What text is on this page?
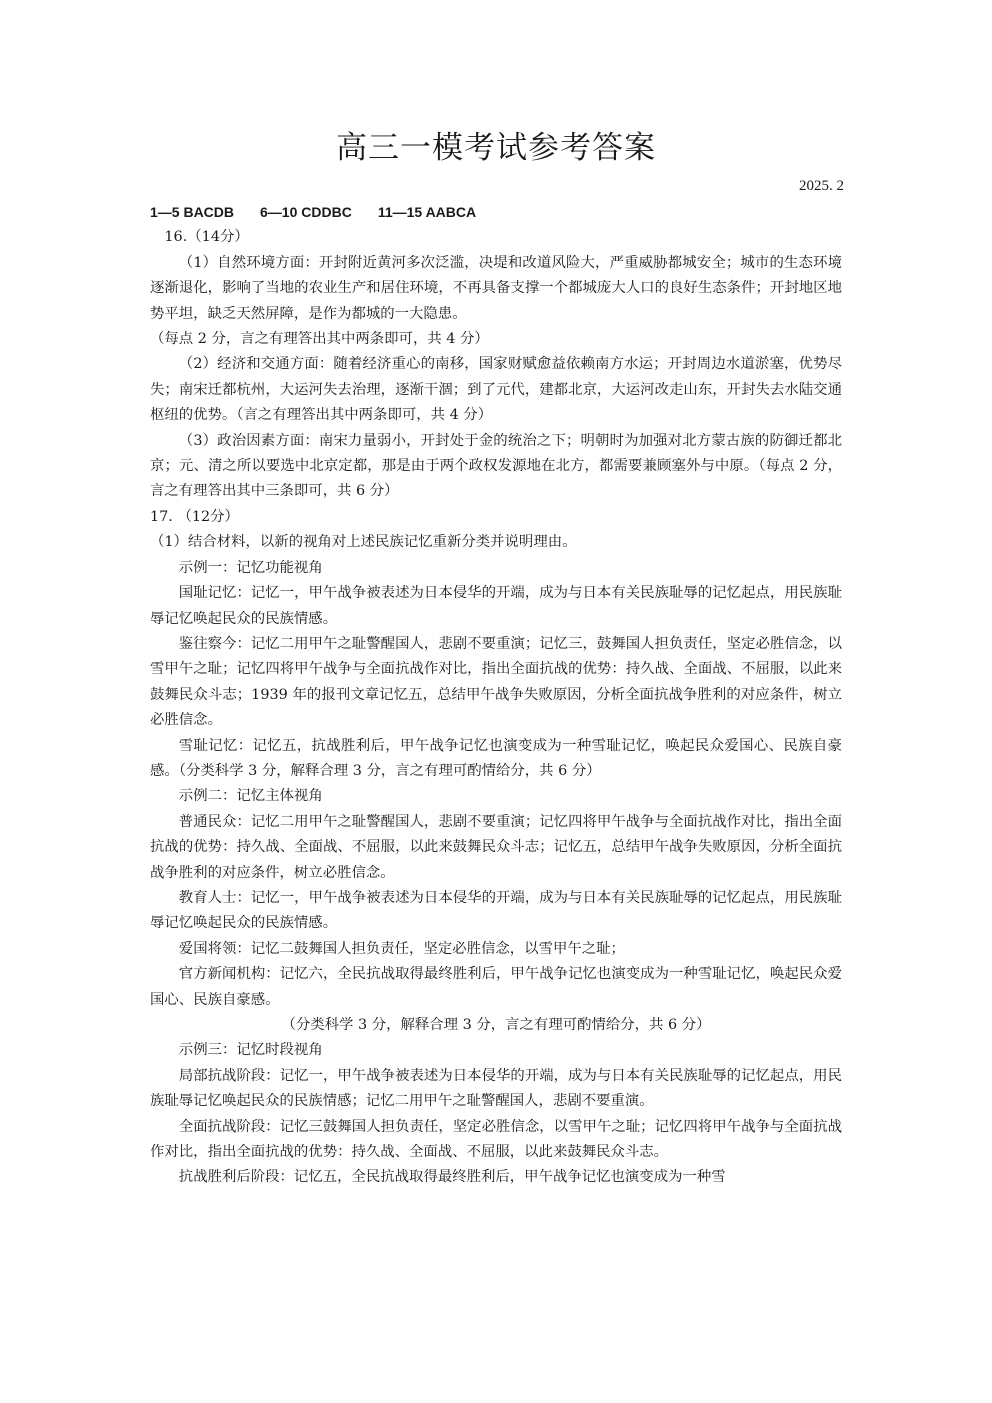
高三一模考试参考答案
2025. 2

1—5 BACDB 6—10 CDDBC 11—15 AABCA

16.（14分）

（1）自然环境方面：开封附近黄河多次泛滥，决堤和改道风险大，严重威胁都城安全；城市的生态环境逐渐退化，影响了当地的农业生产和居住环境，不再具备支撑一个都城庞大人口的良好生态条件；开封地区地势平坦，缺乏天然屏障，是作为都城的一大隐患。

（每点 2 分，言之有理答出其中两条即可，共 4 分）

（2）经济和交通方面：随着经济重心的南移，国家财赋愈益依赖南方水运；开封周边水道淤塞，优势尽失；南宋迁都杭州，大运河失去治理，逐渐干涸；到了元代，建都北京，大运河改走山东，开封失去水陆交通枢纽的优势。（言之有理答出其中两条即可，共 4 分）

（3）政治因素方面：南宋力量弱小，开封处于金的统治之下；明朝时为加强对北方蒙古族的防御迁都北京；元、清之所以要选中北京定都，那是由于两个政权发源地在北方，都需要兼顾塞外与中原。（每点 2 分，言之有理答出其中三条即可，共 6 分）

17. （12分）

（1）结合材料，以新的视角对上述民族记忆重新分类并说明理由。

示例一：记忆功能视角

国耻记忆：记忆一，甲午战争被表述为日本侵华的开端，成为与日本有关民族耻辱的记忆起点，用民族耻辱记忆唤起民众的民族情感。

鉴往察今：记忆二用甲午之耻警醒国人，悲剧不要重演；记忆三，鼓舞国人担负责任，坚定必胜信念，以雪甲午之耻；记忆四将甲午战争与全面抗战作对比，指出全面抗战的优势：持久战、全面战、不屈服，以此来鼓舞民众斗志；1939 年的报刊文章记忆五，总结甲午战争失败原因，分析全面抗战争胜利的对应条件，树立必胜信念。

雪耻记忆：记忆五，抗战胜利后，甲午战争记忆也演变成为一种雪耻记忆，唤起民众爱国心、民族自豪感。（分类科学 3 分，解释合理 3 分，言之有理可酌情给分，共 6 分）

示例二：记忆主体视角

普通民众：记忆二用甲午之耻警醒国人，悲剧不要重演；记忆四将甲午战争与全面抗战作对比，指出全面抗战的优势：持久战、全面战、不屈服，以此来鼓舞民众斗志；记忆五，总结甲午战争失败原因，分析全面抗战争胜利的对应条件，树立必胜信念。

教育人士：记忆一，甲午战争被表述为日本侵华的开端，成为与日本有关民族耻辱的记忆起点，用民族耻辱记忆唤起民众的民族情感。

爱国将领：记忆二鼓舞国人担负责任，坚定必胜信念，以雪甲午之耻；

官方新闻机构：记忆六，全民抗战取得最终胜利后，甲午战争记忆也演变成为一种雪耻记忆，唤起民众爱国心、民族自豪感。

（分类科学 3 分，解释合理 3 分，言之有理可酌情给分，共 6 分）

示例三：记忆时段视角

局部抗战阶段：记忆一，甲午战争被表述为日本侵华的开端，成为与日本有关民族耻辱的记忆起点，用民族耻辱记忆唤起民众的民族情感；记忆二用甲午之耻警醒国人，悲剧不要重演。

全面抗战阶段：记忆三鼓舞国人担负责任，坚定必胜信念，以雪甲午之耻；记忆四将甲午战争与全面抗战作对比，指出全面抗战的优势：持久战、全面战、不屈服，以此来鼓舞民众斗志。

抗战胜利后阶段：记忆五，全民抗战取得最终胜利后，甲午战争记忆也演变成为一种雪
